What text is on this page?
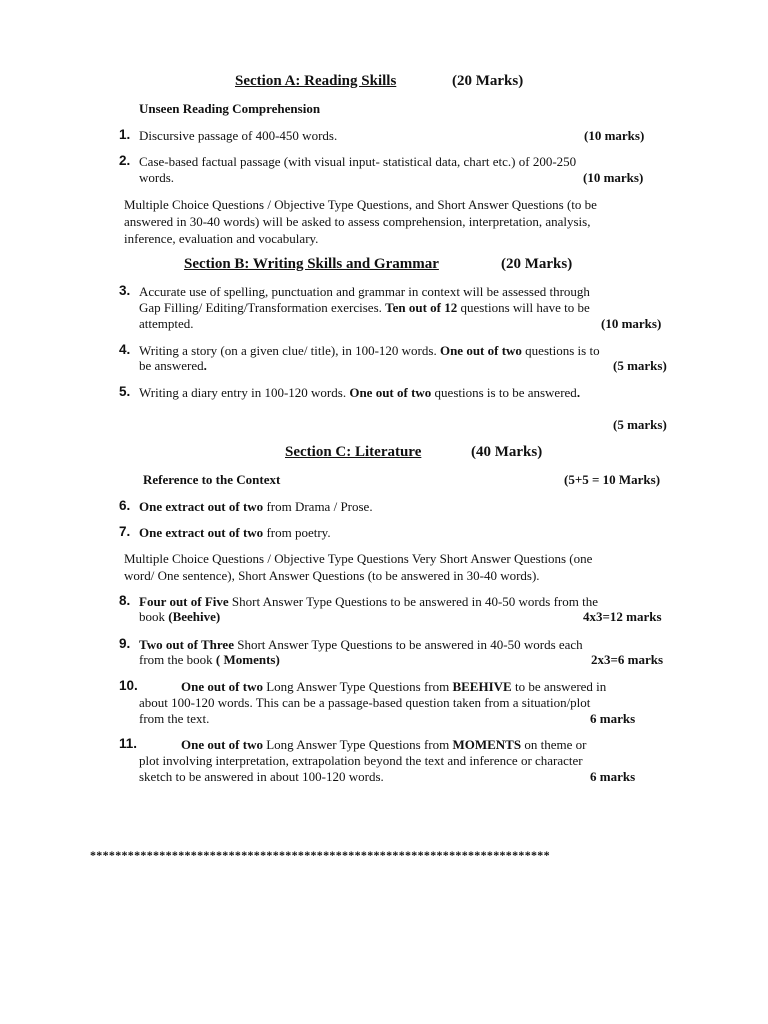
Section A: Reading Skills	(20 Marks)
Unseen Reading Comprehension
1. Discursive passage of 400-450 words.	(10 marks)
2. Case-based factual passage (with visual input- statistical data, chart etc.) of 200-250
words.	(10 marks)
Multiple Choice Questions / Objective Type Questions, and Short Answer Questions (to be
answered in 30-40 words) will be asked to assess comprehension, interpretation, analysis,
inference, evaluation and vocabulary.
Section B: Writing Skills and Grammar	(20 Marks)
3. Accurate use of spelling, punctuation and grammar in context will be assessed through
Gap Filling/ Editing/Transformation exercises. Ten out of 12 questions will have to be
attempted.	(10 marks)
4. Writing a story (on a given clue/ title), in 100-120 words. One out of two questions is to
be answered.	(5 marks)
5. Writing a diary entry in 100-120 words. One out of two questions is to be answered.
(5 marks)
Section C: Literature	(40 Marks)
Reference to the Context	(5+5 = 10 Marks)
6. One extract out of two from Drama / Prose.
7. One extract out of two from poetry.
Multiple Choice Questions / Objective Type Questions Very Short Answer Questions (one
word/ One sentence), Short Answer Questions (to be answered in 30-40 words).
8. Four out of Five Short Answer Type Questions to be answered in 40-50 words from the
book (Beehive)	4x3=12 marks
9. Two out of Three Short Answer Type Questions to be answered in 40-50 words each
from the book ( Moments)	2x3=6 marks
10.	One out of two Long Answer Type Questions from BEEHIVE to be answered in
about 100-120 words. This can be a passage-based question taken from a situation/plot
from the text.	6 marks
11.	One out of two Long Answer Type Questions from MOMENTS on theme or
plot involving interpretation, extrapolation beyond the text and inference or character
sketch to be answered in about 100-120 words.	6 marks
*************************************************************************
